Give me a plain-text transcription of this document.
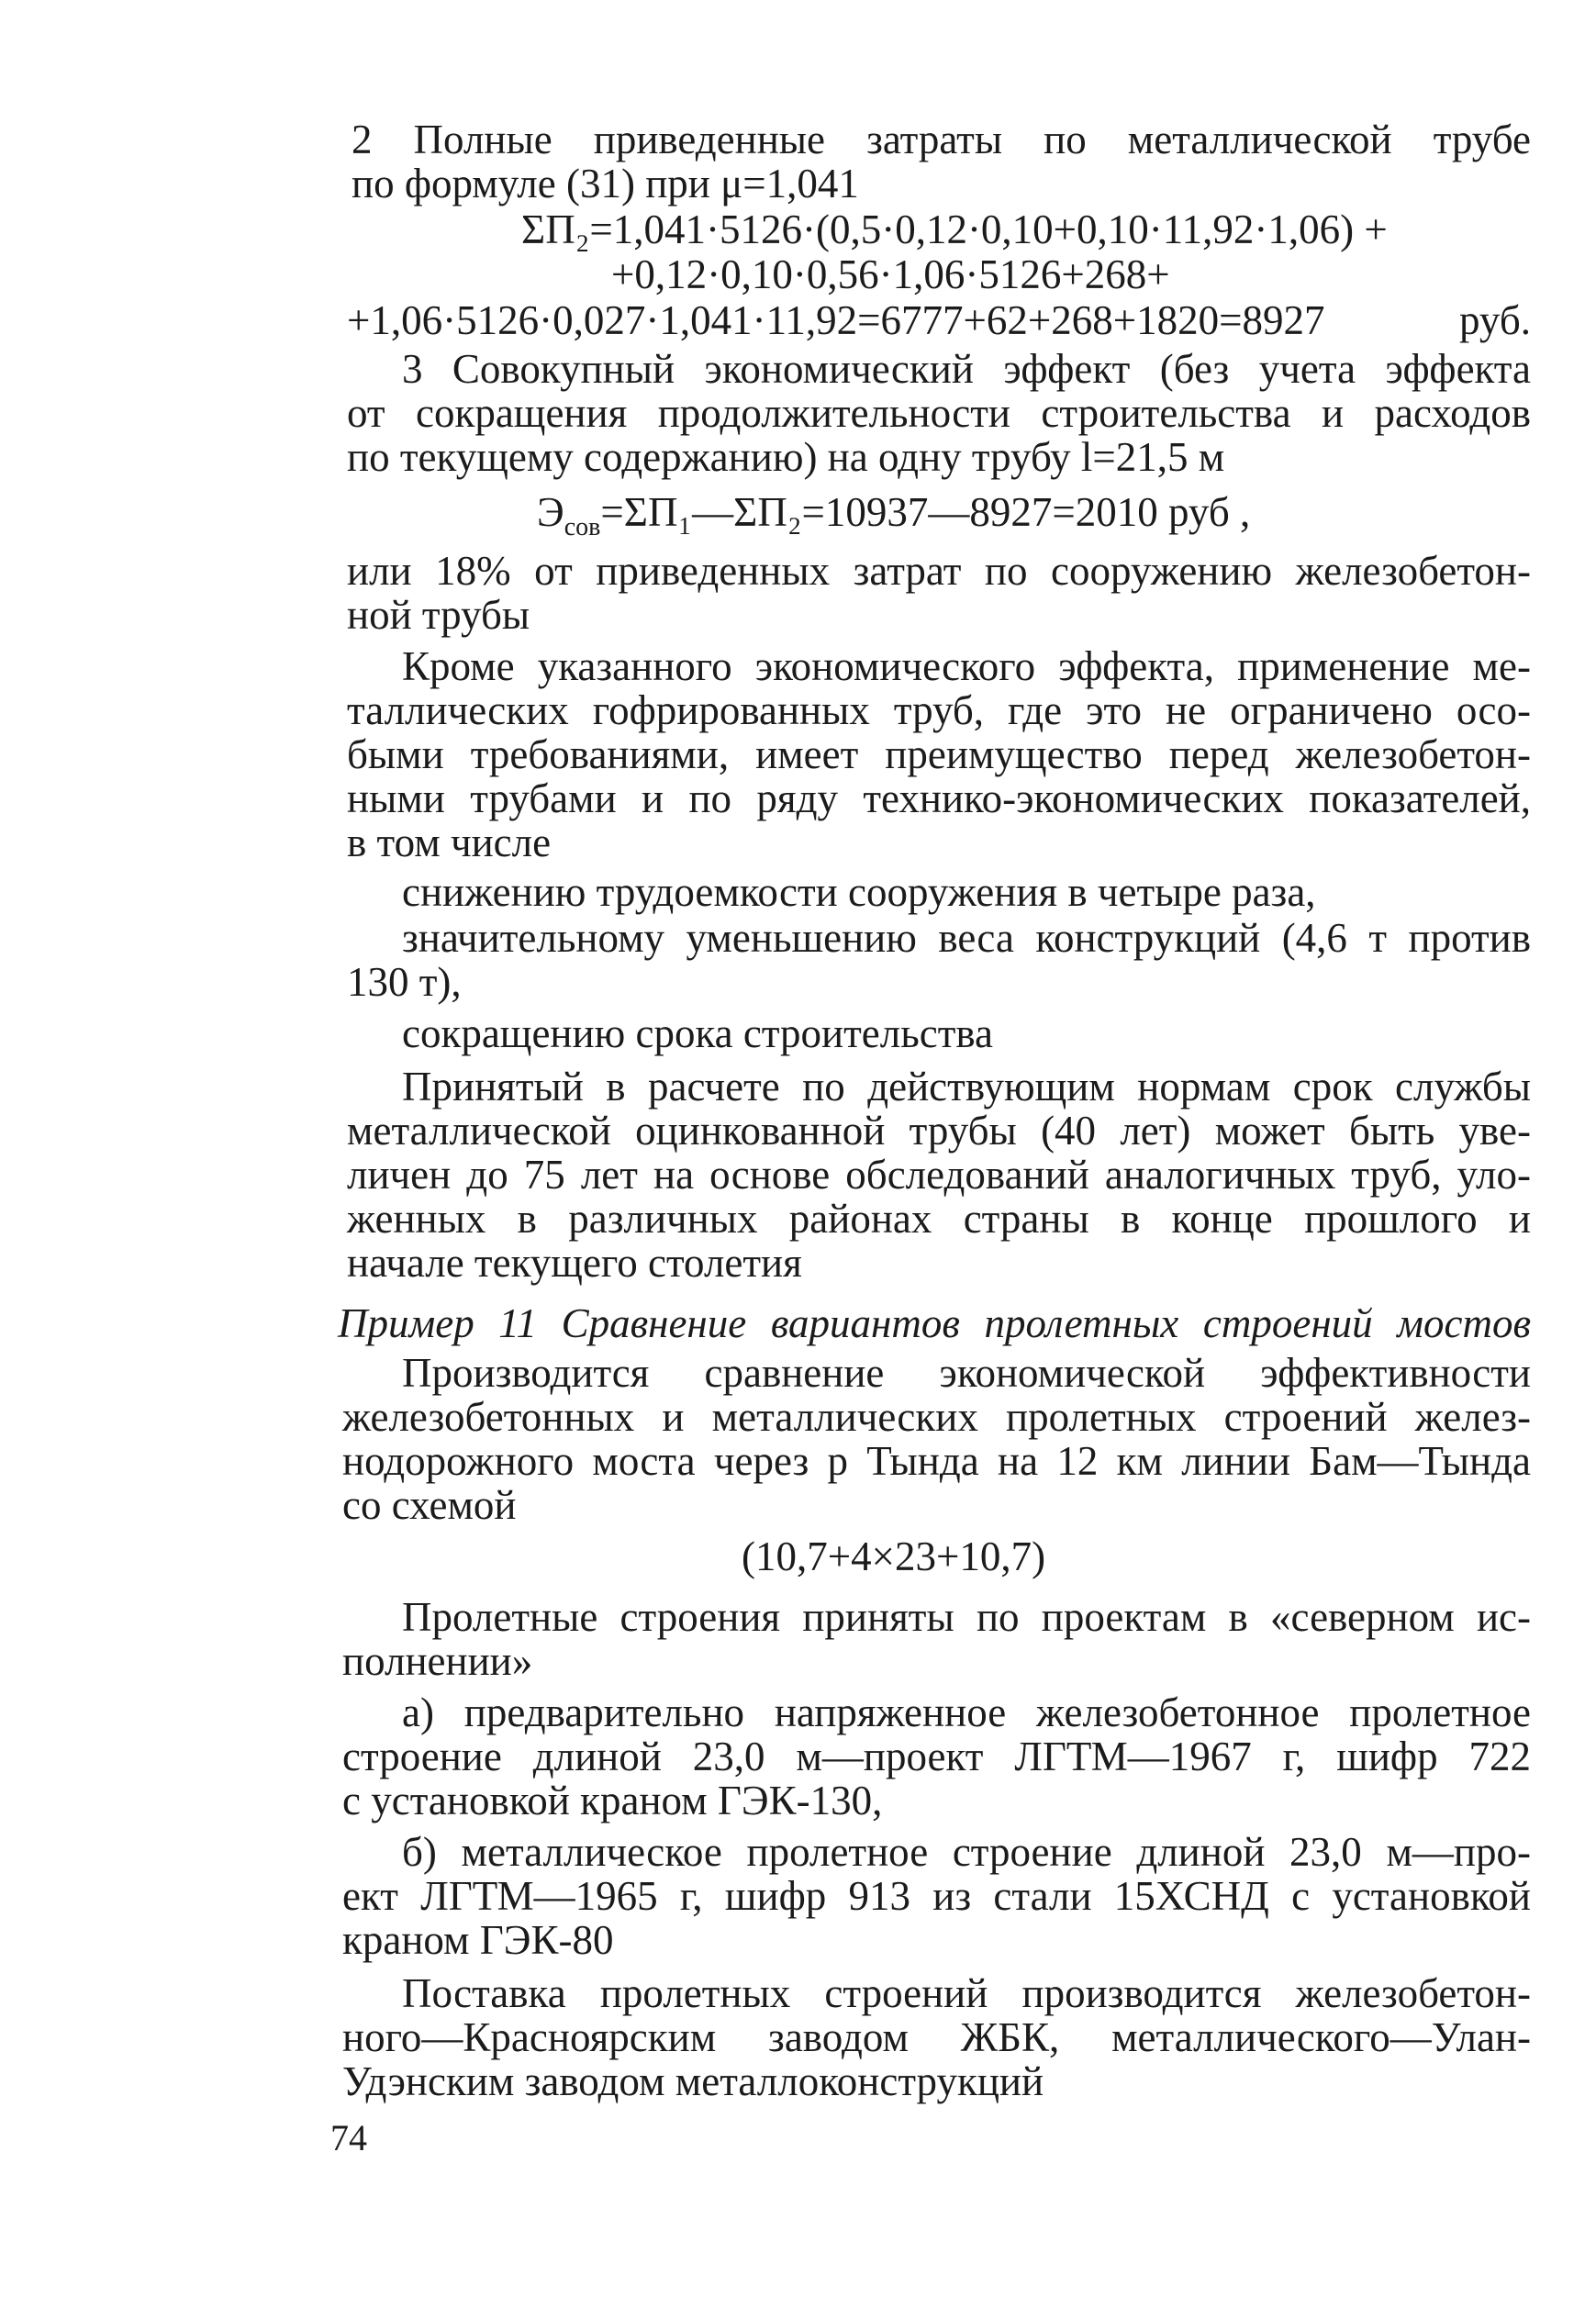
2 Полные приведенные затраты по металлической трубе
по формуле (31) при μ=1,041
ΣП₂=1,041·5126·(0,5·0,12·0,10+0,10·11,92·1,06) +
+0,12·0,10·0,56·1,06·5126+268+
+1,06·5126·0,027·1,041·11,92=6777+62+268+1820=8927 руб.
3 Совокупный экономический эффект (без учета эффекта
от сокращения продолжительности строительства и расходов
по текущему содержанию) на одну трубу l=21,5 м
$Э_{сов}=\Sigma П_1—\Sigma П_2=10937—8927=2010$ руб ,
или 18% от приведенных затрат по сооружению железобетон-
ной трубы
Кроме указанного экономического эффекта, применение ме-
таллических гофрированных труб, где это не ограничено осо-
быми требованиями, имеет преимущество перед железобетон-
ными трубами и по ряду технико-экономических показателей,
в том числе
снижению трудоемкости сооружения в четыре раза,
значительному уменьшению веса конструкций (4,6 т против
130 т),
сокращению срока строительства
Принятый в расчете по действующим нормам срок службы
металлической оцинкованной трубы (40 лет) может быть уве-
личен до 75 лет на основе обследований аналогичных труб, уло-
женных в различных районах страны в конце прошлого и
начале текущего столетия
Пример 11 Сравнение вариантов пролетных строений мостов
Производится сравнение экономической эффективности
железобетонных и металлических пролетных строений желез-
нодорожного моста через р Тында на 12 км линии Бам—Тында
со схемой
(10,7+4×23+10,7)
Пролетные строения приняты по проектам в «северном ис-
полнении»
а) предварительно напряженное железобетонное пролетное
строение длиной 23,0 м—проект ЛГТМ—1967 г, шифр 722
с установкой краном ГЭК-130,
б) металлическое пролетное строение длиной 23,0 м—про-
ект ЛГТМ—1965 г, шифр 913 из стали 15ХСНД с установкой
краном ГЭК-80
Поставка пролетных строений производится железобетон-
ного—Красноярским заводом ЖБК, металлического—Улан-
Удэнским заводом металлоконструкций
74
